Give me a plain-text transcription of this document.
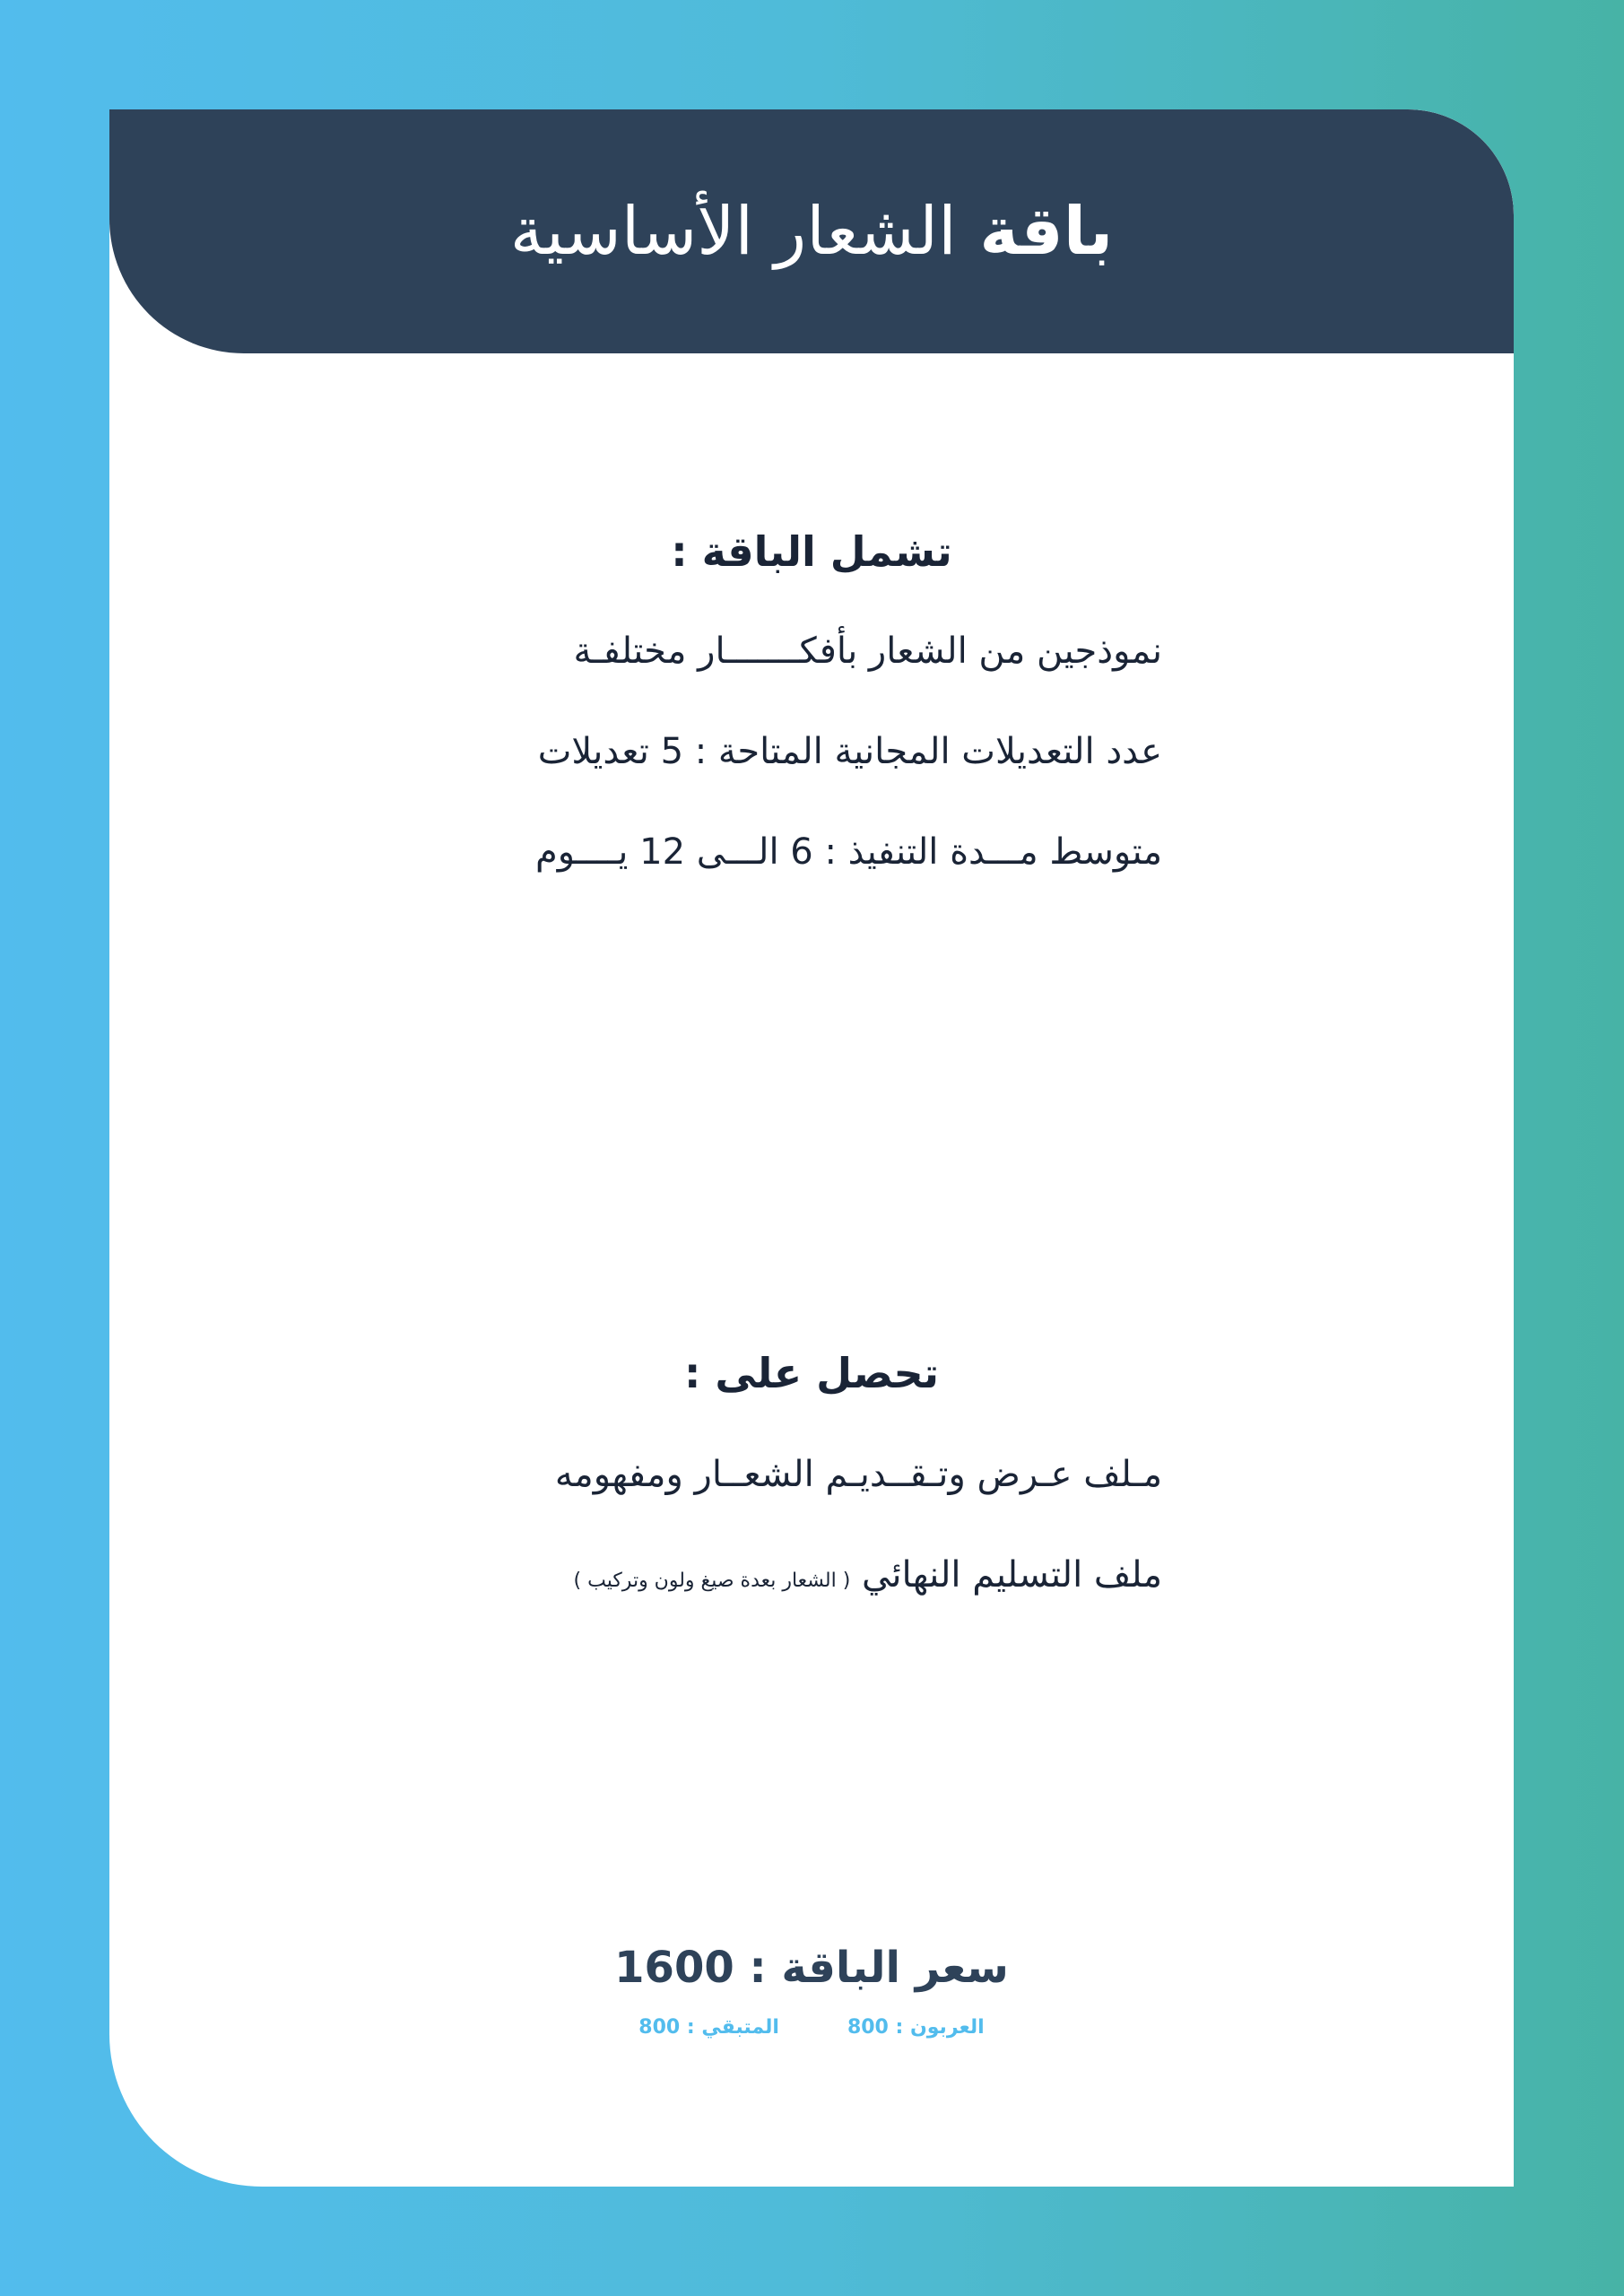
باقة الشعار الأساسية
تشمل الباقة :
نموذجين من الشعار بأفكـــــــار مختلفـة
عدد التعديلات المجانية المتاحة : 5 تعديلات
متوسط مـــدة التنفيذ : 6 الـــى 12 يــــوم
تحصل على :
مـلف عـرض وتـقــديـم الشعــار ومفهومه
ملف التسليم النهائي ( الشعار بعدة صيغ ولون وتركيب )
سعر الباقة : 1600
العربون : 800
المتبقي : 800
